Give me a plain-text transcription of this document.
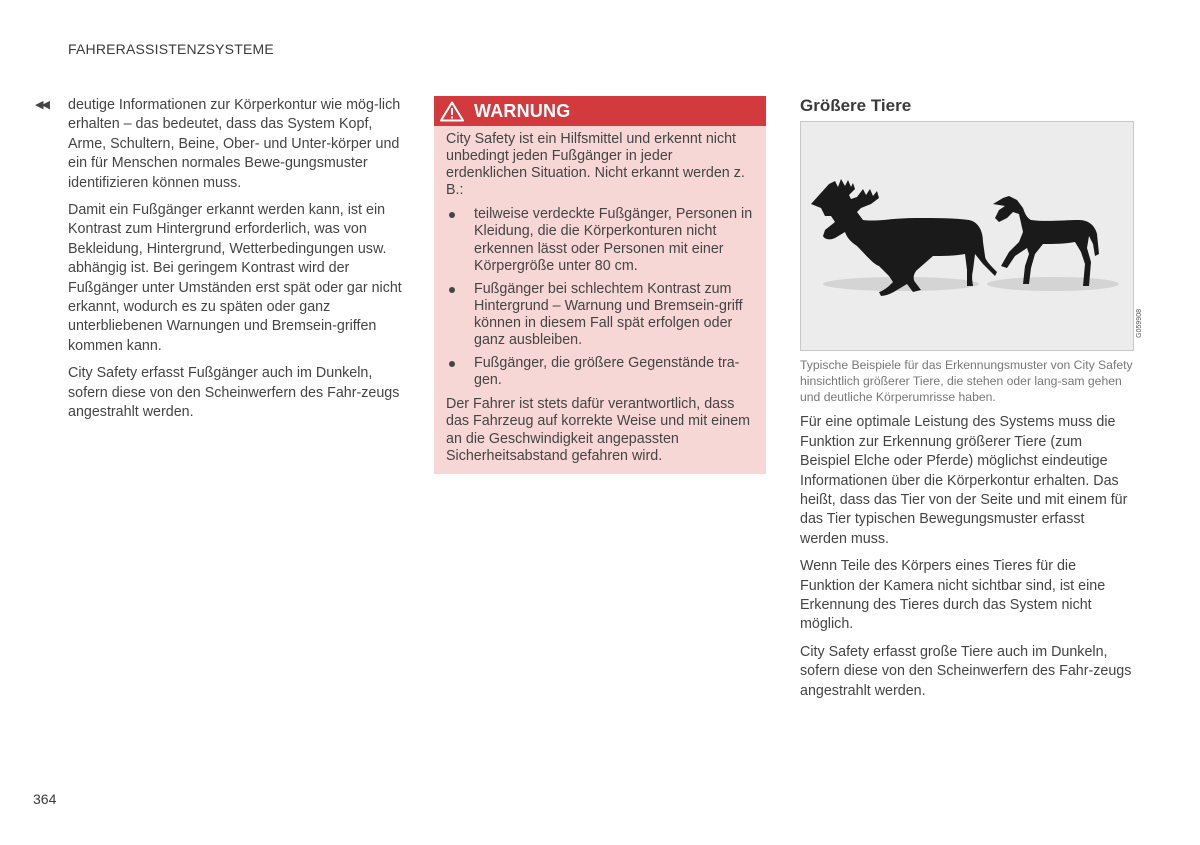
FAHRERASSISTENZSYSTEME
◀◀ deutige Informationen zur Körperkontur wie mög-lich erhalten – das bedeutet, dass das System Kopf, Arme, Schultern, Beine, Ober- und Unter-körper und ein für Menschen normales Bewe-gungsmuster identifizieren können muss.

Damit ein Fußgänger erkannt werden kann, ist ein Kontrast zum Hintergrund erforderlich, was von Bekleidung, Hintergrund, Wetterbedingungen usw. abhängig ist. Bei geringem Kontrast wird der Fußgänger unter Umständen erst spät oder gar nicht erkannt, wodurch es zu späten oder ganz unterbliebenen Warnungen und Bremsein-griffen kommen kann.

City Safety erfasst Fußgänger auch im Dunkeln, sofern diese von den Scheinwerfern des Fahr-zeugs angestrahlt werden.

WARNUNG

City Safety ist ein Hilfsmittel und erkennt nicht unbedingt jeden Fußgänger in jeder erdenklichen Situation. Nicht erkannt werden z. B.:

teilweise verdeckte Fußgänger, Personen in Kleidung, die die Körperkonturen nicht erkennen lässt oder Personen mit einer Körpergröße unter 80 cm.
Fußgänger bei schlechtem Kontrast zum Hintergrund – Warnung und Bremsein-griff können in diesem Fall spät erfolgen oder ganz ausbleiben.
Fußgänger, die größere Gegenstände tra-gen.

Der Fahrer ist stets dafür verantwortlich, dass das Fahrzeug auf korrekte Weise und mit einem an die Geschwindigkeit angepassten Sicherheitsabstand gefahren wird.

Größere Tiere
G059908
Typische Beispiele für das Erkennungsmuster von City Safety hinsichtlich größerer Tiere, die stehen oder lang-sam gehen und deutliche Körperumrisse haben.

Für eine optimale Leistung des Systems muss die Funktion zur Erkennung größerer Tiere (zum Beispiel Elche oder Pferde) möglichst eindeutige Informationen über die Körperkontur erhalten. Das heißt, dass das Tier von der Seite und mit einem für das Tier typischen Bewegungsmuster erfasst werden muss.

Wenn Teile des Körpers eines Tieres für die Funktion der Kamera nicht sichtbar sind, ist eine Erkennung des Tieres durch das System nicht möglich.

City Safety erfasst große Tiere auch im Dunkeln, sofern diese von den Scheinwerfern des Fahr-zeugs angestrahlt werden.

364
